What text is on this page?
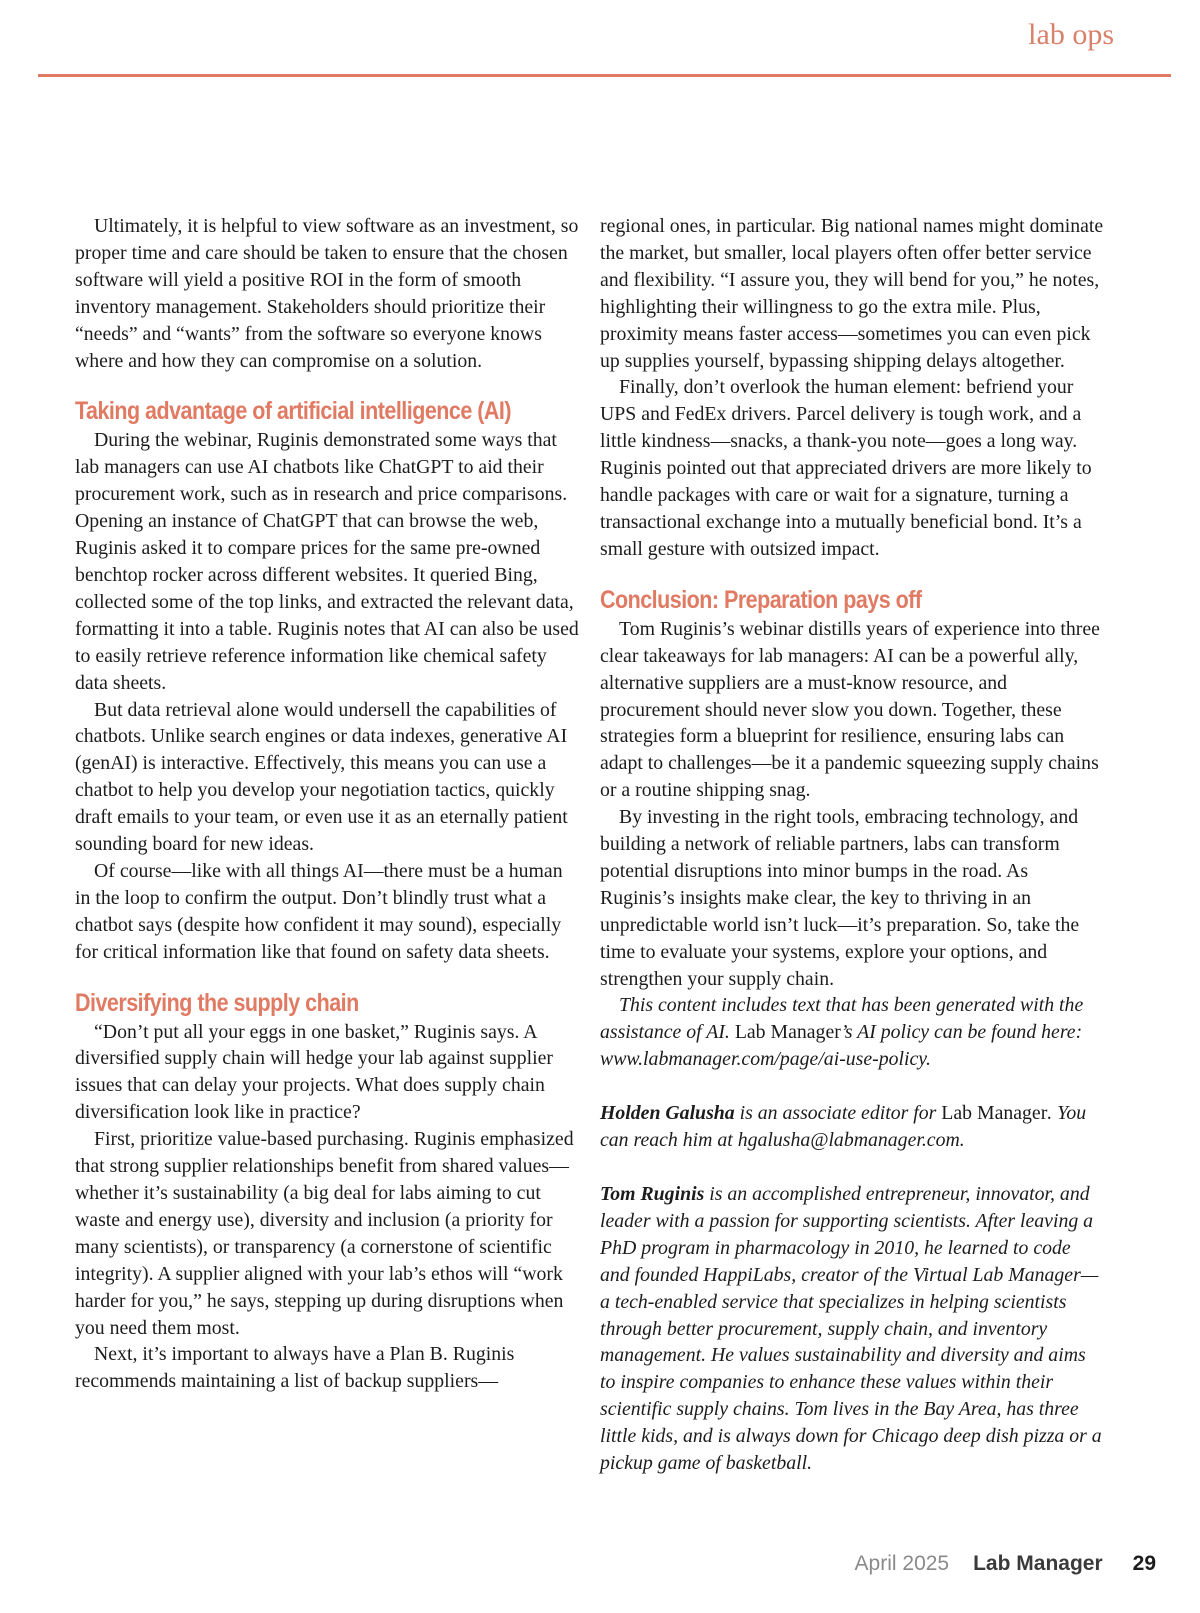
lab ops

Ultimately, it is helpful to view software as an investment, so proper time and care should be taken to ensure that the chosen software will yield a positive ROI in the form of smooth inventory management. Stakeholders should prioritize their “needs” and “wants” from the software so everyone knows where and how they can compromise on a solution.

Taking advantage of artificial intelligence (AI)

During the webinar, Ruginis demonstrated some ways that lab managers can use AI chatbots like ChatGPT to aid their procurement work, such as in research and price comparisons. Opening an instance of ChatGPT that can browse the web, Ruginis asked it to compare prices for the same pre-owned benchtop rocker across different websites. It queried Bing, collected some of the top links, and extracted the relevant data, formatting it into a table. Ruginis notes that AI can also be used to easily retrieve reference information like chemical safety data sheets.

But data retrieval alone would undersell the capabilities of chatbots. Unlike search engines or data indexes, generative AI (genAI) is interactive. Effectively, this means you can use a chatbot to help you develop your negotiation tactics, quickly draft emails to your team, or even use it as an eternally patient sounding board for new ideas.

Of course—like with all things AI—there must be a human in the loop to confirm the output. Don’t blindly trust what a chatbot says (despite how confident it may sound), especially for critical information like that found on safety data sheets.

Diversifying the supply chain

“Don’t put all your eggs in one basket,” Ruginis says. A diversified supply chain will hedge your lab against supplier issues that can delay your projects. What does supply chain diversification look like in practice?

First, prioritize value-based purchasing. Ruginis emphasized that strong supplier relationships benefit from shared values—whether it’s sustainability (a big deal for labs aiming to cut waste and energy use), diversity and inclusion (a priority for many scientists), or transparency (a cornerstone of scientific integrity). A supplier aligned with your lab’s ethos will “work harder for you,” he says, stepping up during disruptions when you need them most.

Next, it’s important to always have a Plan B. Ruginis recommends maintaining a list of backup suppliers—

regional ones, in particular. Big national names might dominate the market, but smaller, local players often offer better service and flexibility. “I assure you, they will bend for you,” he notes, highlighting their willingness to go the extra mile. Plus, proximity means faster access—sometimes you can even pick up supplies yourself, bypassing shipping delays altogether.

Finally, don’t overlook the human element: befriend your UPS and FedEx drivers. Parcel delivery is tough work, and a little kindness—snacks, a thank-you note—goes a long way. Ruginis pointed out that appreciated drivers are more likely to handle packages with care or wait for a signature, turning a transactional exchange into a mutually beneficial bond. It’s a small gesture with outsized impact.

Conclusion: Preparation pays off

Tom Ruginis’s webinar distills years of experience into three clear takeaways for lab managers: AI can be a powerful ally, alternative suppliers are a must-know resource, and procurement should never slow you down. Together, these strategies form a blueprint for resilience, ensuring labs can adapt to challenges—be it a pandemic squeezing supply chains or a routine shipping snag.

By investing in the right tools, embracing technology, and building a network of reliable partners, labs can transform potential disruptions into minor bumps in the road. As Ruginis’s insights make clear, the key to thriving in an unpredictable world isn’t luck—it’s preparation. So, take the time to evaluate your systems, explore your options, and strengthen your supply chain.

This content includes text that has been generated with the assistance of AI. Lab Manager’s AI policy can be found here: www.labmanager.com/page/ai-use-policy.

Holden Galusha is an associate editor for Lab Manager. You can reach him at hgalusha@labmanager.com.

Tom Ruginis is an accomplished entrepreneur, innovator, and leader with a passion for supporting scientists. After leaving a PhD program in pharmacology in 2010, he learned to code and founded HappiLabs, creator of the Virtual Lab Manager—a tech-enabled service that specializes in helping scientists through better procurement, supply chain, and inventory management. He values sustainability and diversity and aims to inspire companies to enhance these values within their scientific supply chains. Tom lives in the Bay Area, has three little kids, and is always down for Chicago deep dish pizza or a pickup game of basketball.

April 2025 Lab Manager 29
